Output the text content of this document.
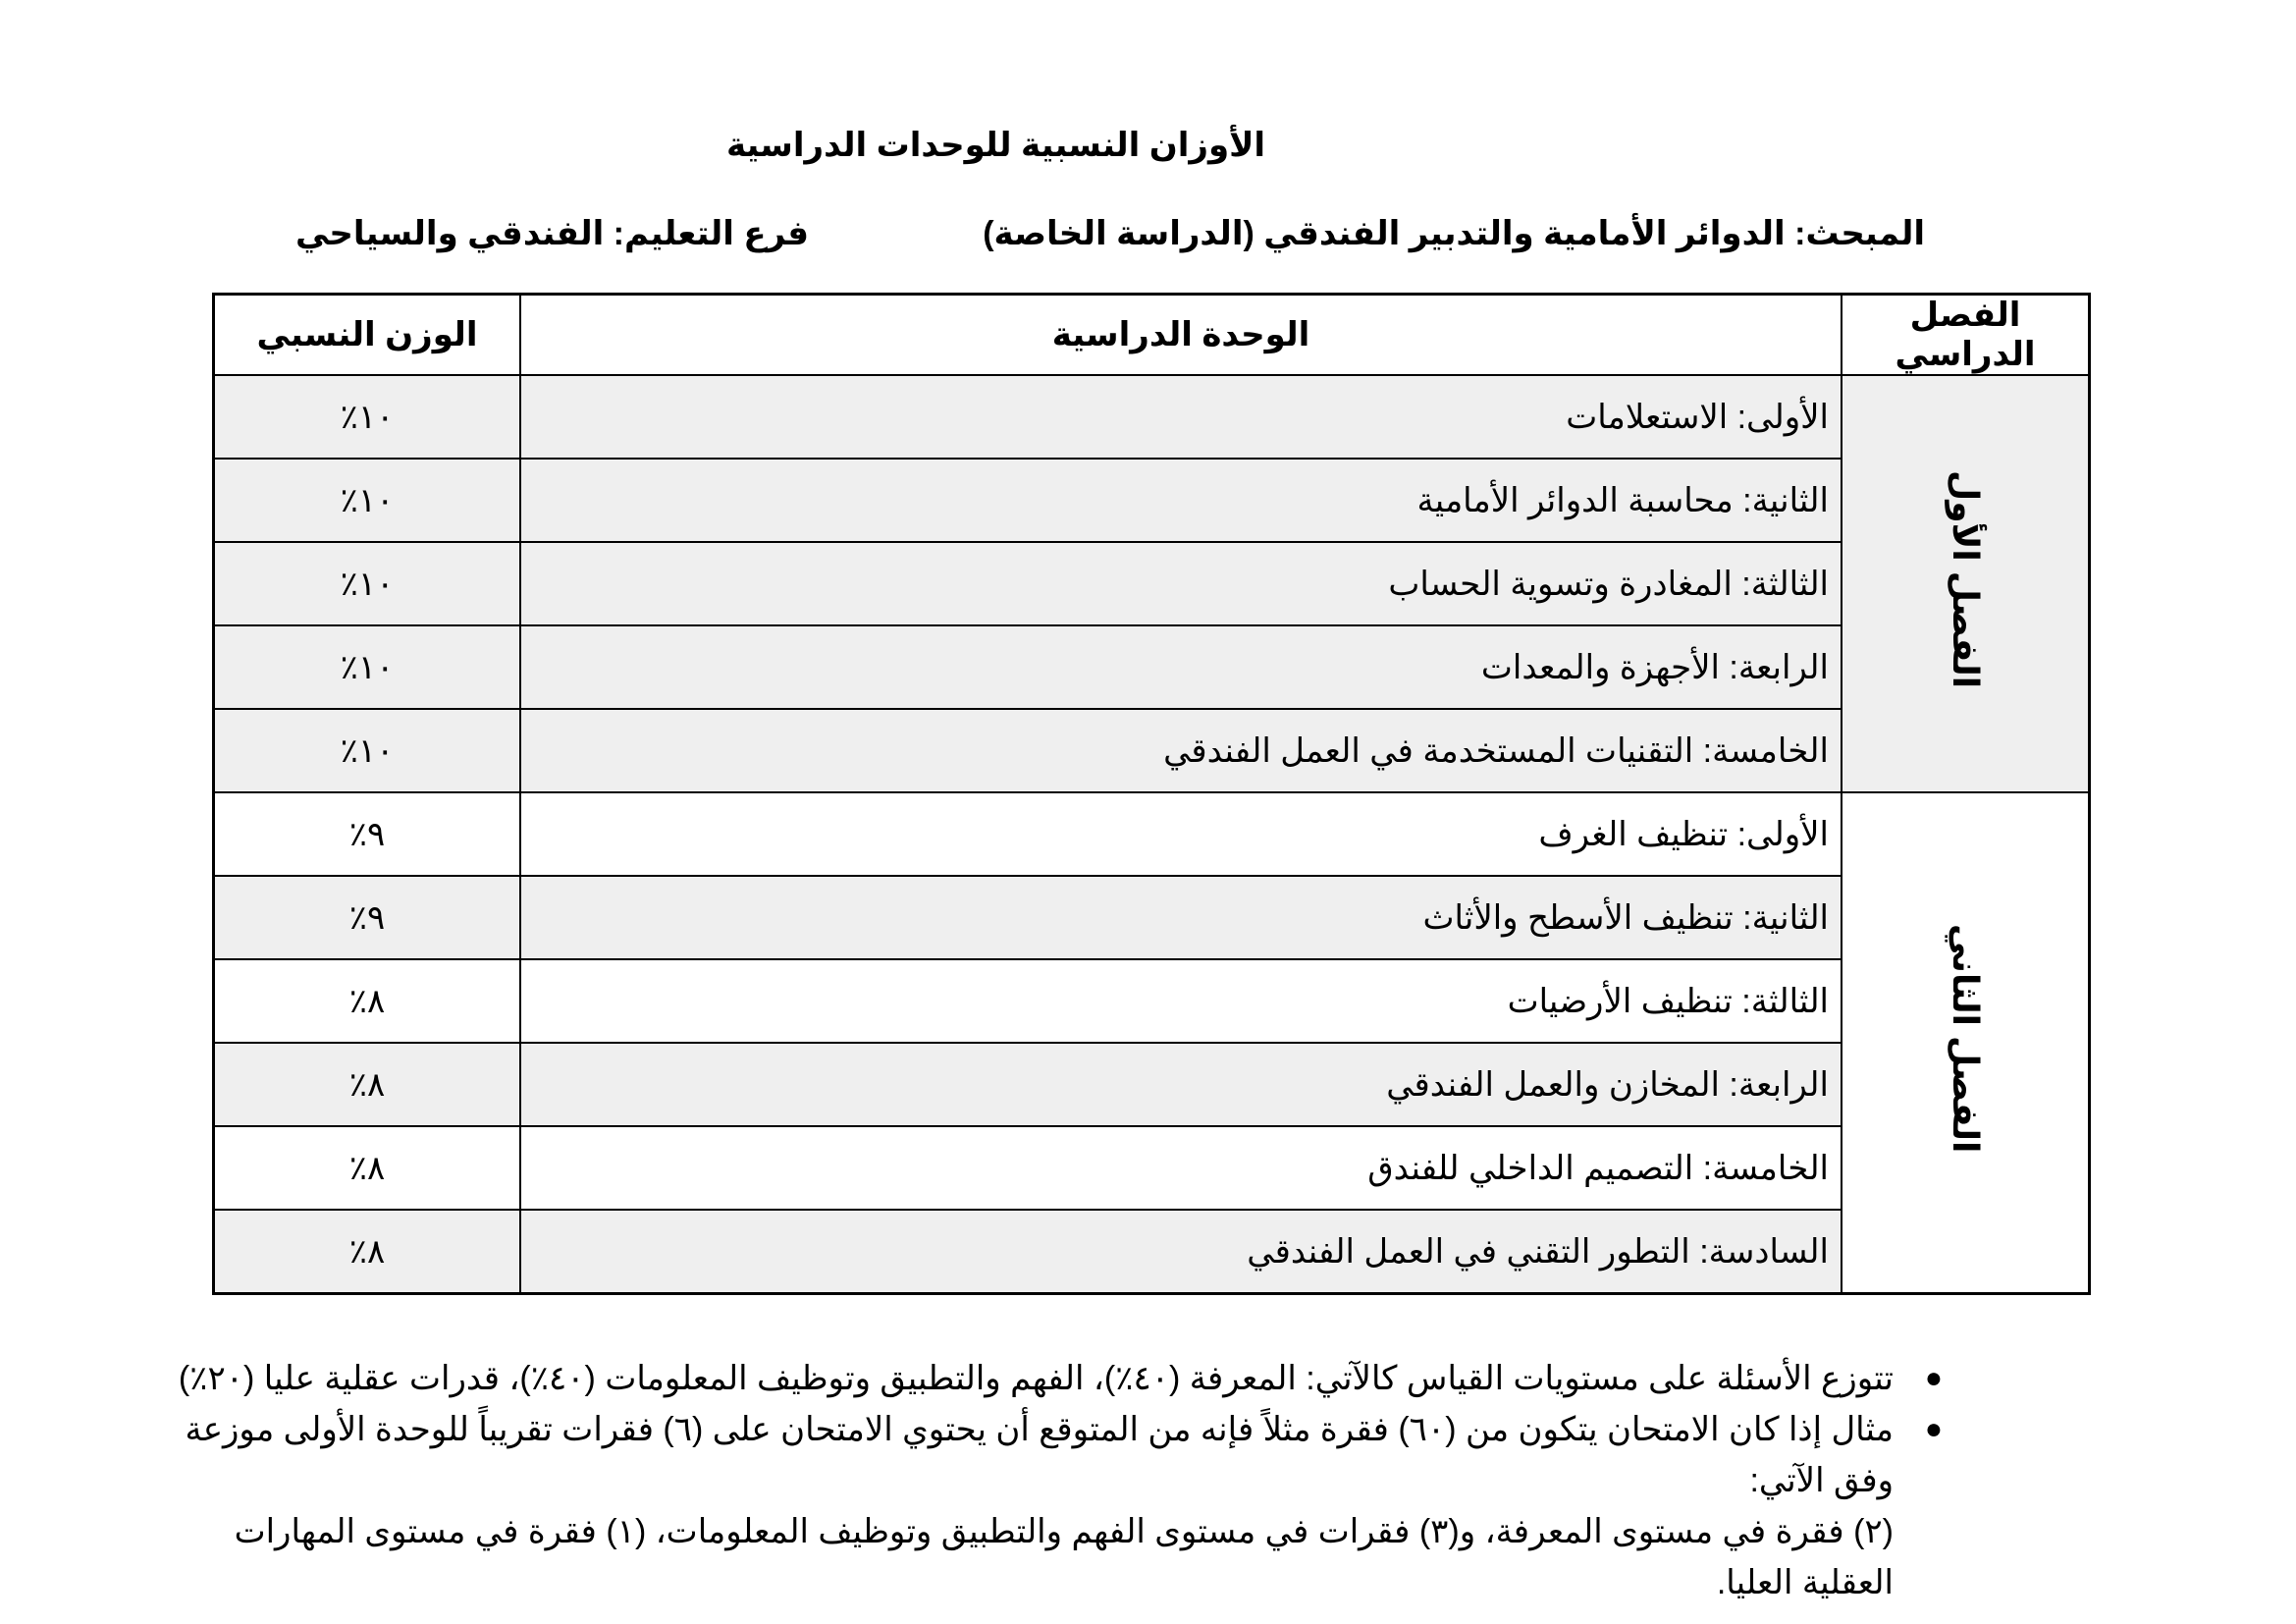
الأوزان النسبية للوحدات الدراسية
المبحث: الدوائر الأمامية والتدبير الفندقي (الدراسة الخاصة)
فرع التعليم: الفندقي والسياحي
الفصل الدراسي	الوحدة الدراسية	الوزن النسبي
الفصل الأول	الأولى: الاستعلامات	١٠٪
	الثانية: محاسبة الدوائر الأمامية	١٠٪
	الثالثة: المغادرة وتسوية الحساب	١٠٪
	الرابعة: الأجهزة والمعدات	١٠٪
	الخامسة: التقنيات المستخدمة في العمل الفندقي	١٠٪
الفصل الثاني	الأولى: تنظيف الغرف	٩٪
	الثانية: تنظيف الأسطح والأثاث	٩٪
	الثالثة: تنظيف الأرضيات	٨٪
	الرابعة: المخازن والعمل الفندقي	٨٪
	الخامسة: التصميم الداخلي للفندق	٨٪
	السادسة: التطور التقني في العمل الفندقي	٨٪
●
تتوزع الأسئلة على مستويات القياس كالآتي: المعرفة (٤٠٪)، الفهم والتطبيق وتوظيف المعلومات (٤٠٪)، قدرات عقلية عليا (٢٠٪)
●
مثال إذا كان الامتحان يتكون من (٦٠) فقرة مثلاً فإنه من المتوقع أن يحتوي الامتحان على (٦) فقرات تقريباً للوحدة الأولى موزعة وفق الآتي:
(٢) فقرة في مستوى المعرفة، و(٣) فقرات في مستوى الفهم والتطبيق وتوظيف المعلومات، (١) فقرة في مستوى المهارات العقلية العليا.
